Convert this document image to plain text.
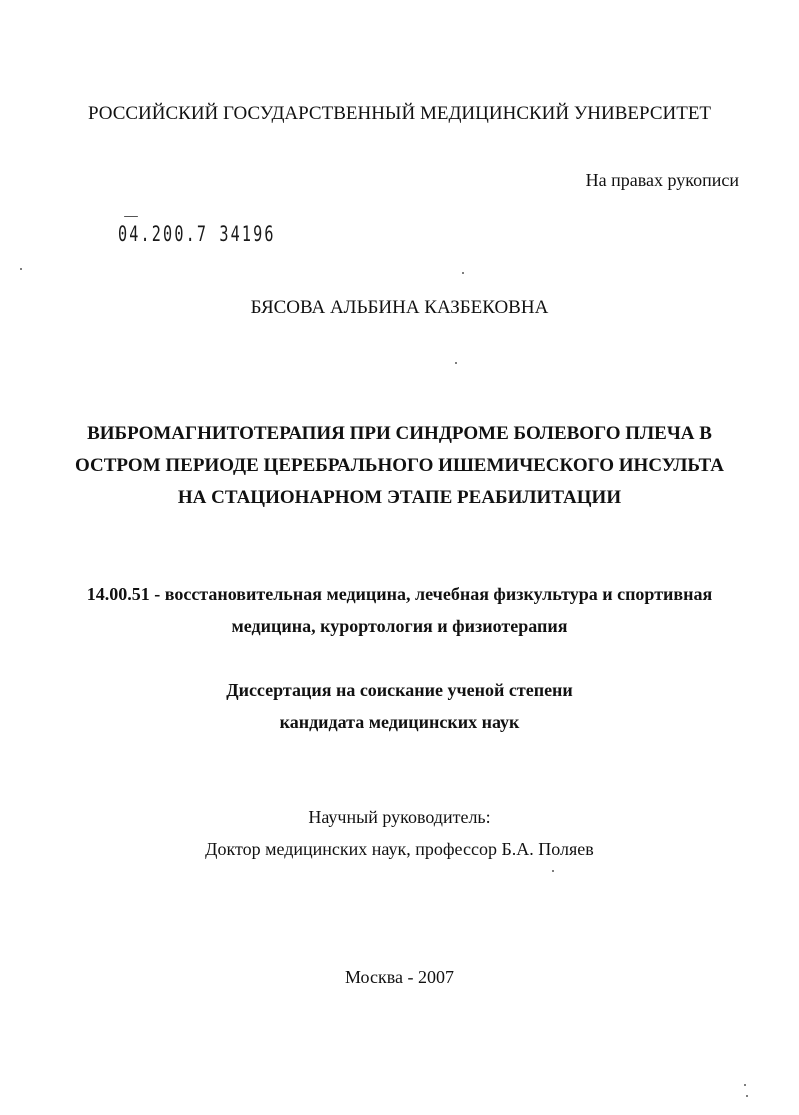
РОССИЙСКИЙ ГОСУДАРСТВЕННЫЙ МЕДИЦИНСКИЙ УНИВЕРСИТЕТ
На правах рукописи
04.200.7 34196
БЯСОВА АЛЬБИНА КАЗБЕКОВНА
ВИБРОМАГНИТОТЕРАПИЯ ПРИ СИНДРОМЕ БОЛЕВОГО ПЛЕЧА В
ОСТРОМ ПЕРИОДЕ ЦЕРЕБРАЛЬНОГО ИШЕМИЧЕСКОГО ИНСУЛЬТА
НА СТАЦИОНАРНОМ ЭТАПЕ РЕАБИЛИТАЦИИ
14.00.51 - восстановительная медицина, лечебная физкультура и спортивная
медицина, курортология и физиотерапия
Диссертация на соискание ученой степени
кандидата медицинских наук
Научный руководитель:
Доктор медицинских наук, профессор Б.А. Поляев
Москва - 2007
